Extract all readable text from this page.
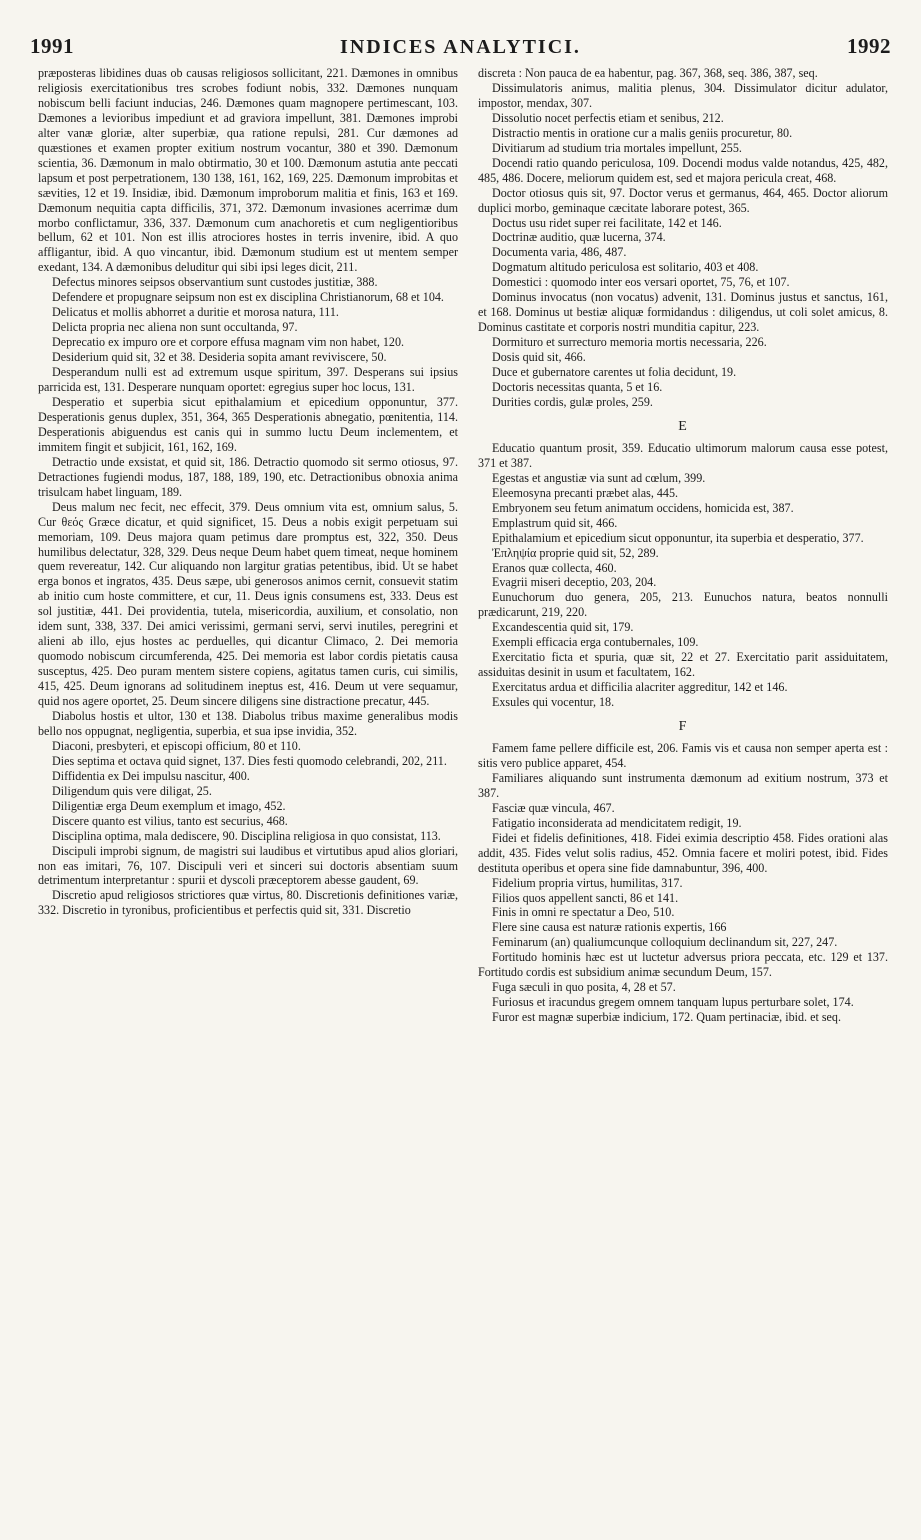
1991	INDICES ANALYTICI.	1992

præposteras libidines duas ob causas religiosos sollicitant, 221. Dæmones in omnibus religiosis exercitationibus tres scrobes fodiunt nobis, 332. Dæmones nunquam nobiscum belli faciunt inducias, 246. Dæmones quam magnopere pertimescant, 103. Dæmones a levioribus impediunt et ad graviora impellunt, 381. Dæmones improbi alter vanæ gloriæ, alter superbiæ, qua ratione repulsi, 281. Cur dæmones ad quæstiones et examen propter exitium nostrum vocantur, 380 et 390. Dæmonum scientia, 36. Dæmonum in malo obtirmatio, 30 et 100. Dæmonum astutia ante peccati lapsum et post perpetrationem, 130 138, 161, 162, 169, 225. Dæmonum improbitas et sævities, 12 et 19. Insidiæ, ibid. Dæmonum improborum malitia et finis, 163 et 169. Dæmonum nequitia capta difficilis, 371, 372. Dæmonum invasiones acerrimæ dum morbo conflictamur, 336, 337. Dæmonum cum anachoretis et cum negligentioribus bellum, 62 et 101. Non est illis atrociores hostes in terris invenire, ibid. A quo affligantur, ibid. A quo vincantur, ibid. Dæmonum studium est ut mentem semper exedant, 134. A dæmonibus deluditur qui sibi ipsi leges dicit, 211.

Defectus minores seipsos observantium sunt custodes justitiæ, 388.

Defendere et propugnare seipsum non est ex disciplina Christianorum, 68 et 104.

Delicatus et mollis abhorret a duritie et morosa natura, 111.

Delicta propria nec aliena non sunt occultanda, 97.

Deprecatio ex impuro ore et corpore effusa magnam vim non habet, 120.

Desiderium quid sit, 32 et 38. Desideria sopita amant reviviscere, 50.

Desperandum nulli est ad extremum usque spiritum, 397. Desperans sui ipsius parricida est, 131. Desperare nunquam oportet: egregius super hoc locus, 131.

Desperatio et superbia sicut epithalamium et epicedium opponuntur, 377. Desperationis genus duplex, 351, 364, 365 Desperationis abnegatio, pœnitentia, 114. Desperationis abiguendus est canis qui in summo luctu Deum inclementem, et immitem fingit et subjicit, 161, 162, 169.

Detractio unde exsistat, et quid sit, 186. Detractio quomodo sit sermo otiosus, 97. Detractiones fugiendi modus, 187, 188, 189, 190, etc. Detractionibus obnoxia anima trisulcam habet linguam, 189.

Deus malum nec fecit, nec effecit, 379. Deus omnium vita est, omnium salus, 5. Cur θεός Græce dicatur, et quid significet, 15. Deus a nobis exigit perpetuam sui memoriam, 109. Deus majora quam petimus dare promptus est, 322, 350. Deus humilibus delectatur, 328, 329. Deus neque Deum habet quem timeat, neque hominem quem revereatur, 142. Cur aliquando non largitur gratias petentibus, ibid. Ut se habet erga bonos et ingratos, 435. Deus sæpe, ubi generosos animos cernit, consuevit statim ab initio cum hoste committere, et cur, 11. Deus ignis consumens est, 333. Deus est sol justitiæ, 441. Dei providentia, tutela, misericordia, auxilium, et consolatio, non idem sunt, 338, 337. Dei amici verissimi, germani servi, servi inutiles, peregrini et alieni ab illo, ejus hostes ac perduelles, qui dicantur Climaco, 2. Dei memoria quomodo nobiscum circumferenda, 425. Dei memoria est labor cordis pietatis causa susceptus, 425. Deo puram mentem sistere copiens, agitatus tamen curis, cui similis, 415, 425. Deum ignorans ad solitudinem ineptus est, 416. Deum ut vere sequamur, quid nos agere oportet, 25. Deum sincere diligens sine distractione precatur, 445.

Diabolus hostis et ultor, 130 et 138. Diabolus tribus maxime generalibus modis bello nos oppugnat, negligentia, superbia, et sua ipse invidia, 352.

Diaconi, presbyteri, et episcopi officium, 80 et 110.

Dies septima et octava quid signet, 137. Dies festi quomodo celebrandi, 202, 211.

Diffidentia ex Dei impulsu nascitur, 400.

Diligendum quis vere diligat, 25.

Diligentiæ erga Deum exemplum et imago, 452.

Discere quanto est vilius, tanto est securius, 468.

Disciplina optima, mala dediscere, 90. Disciplina religiosa in quo consistat, 113.

Discipuli improbi signum, de magistri sui laudibus et virtutibus apud alios gloriari, non eas imitari, 76, 107. Discipuli veri et sinceri sui doctoris absentiam suum detrimentum interpretantur : spurii et dyscoli præceptorem abesse gaudent, 69.

Discretio apud religiosos strictiores quæ virtus, 80. Discretionis definitiones variæ, 332. Discretio in tyronibus, proficientibus et perfectis quid sit, 331. Discretio

discreta : Non pauca de ea habentur, pag. 367, 368, seq. 386, 387, seq.

Dissimulatoris animus, malitia plenus, 304. Dissimulator dicitur adulator, impostor, mendax, 307.

Dissolutio nocet perfectis etiam et senibus, 212.

Distractio mentis in oratione cur a malis geniis procuretur, 80.

Divitiarum ad studium tria mortales impellunt, 255.

Docendi ratio quando periculosa, 109. Docendi modus valde notandus, 425, 482, 485, 486. Docere, meliorum quidem est, sed et majora pericula creat, 468.

Doctor otiosus quis sit, 97. Doctor verus et germanus, 464, 465. Doctor aliorum duplici morbo, geminaque cæcitate laborare potest, 365.

Doctus usu ridet super rei facilitate, 142 et 146.

Doctrinæ auditio, quæ lucerna, 374.

Documenta varia, 486, 487.

Dogmatum altitudo periculosa est solitario, 403 et 408.

Domestici : quomodo inter eos versari oportet, 75, 76, et 107.

Dominus invocatus (non vocatus) advenit, 131. Dominus justus et sanctus, 161, et 168. Dominus ut bestiæ aliquæ formidandus : diligendus, ut coli solet amicus, 8. Dominus castitate et corporis nostri munditia capitur, 223.

Dormituro et surrecturo memoria mortis necessaria, 226.

Dosis quid sit, 466.

Duce et gubernatore carentes ut folia decidunt, 19.

Doctoris necessitas quanta, 5 et 16.

Durities cordis, gulæ proles, 259.

E

Educatio quantum prosit, 359. Educatio ultimorum malorum causa esse potest, 371 et 387.

Egestas et angustiæ via sunt ad cœlum, 399.

Eleemosyna precanti præbet alas, 445.

Embryonem seu fetum animatum occidens, homicida est, 387.

Emplastrum quid sit, 466.

Epithalamium et epicedium sicut opponuntur, ita superbia et desperatio, 377.

Ἐπληψία proprie quid sit, 52, 289.

Eranos quæ collecta, 460.

Evagrii miseri deceptio, 203, 204.

Eunuchorum duo genera, 205, 213. Eunuchos natura, beatos nonnulli prædicarunt, 219, 220.

Excandescentia quid sit, 179.

Exempli efficacia erga contubernales, 109.

Exercitatio ficta et spuria, quæ sit, 22 et 27. Exercitatio parit assiduitatem, assiduitas desinit in usum et facultatem, 162.

Exercitatus ardua et difficilia alacriter aggreditur, 142 et 146.

Exsules qui vocentur, 18.

F

Famem fame pellere difficile est, 206. Famis vis et causa non semper aperta est : sitis vero publice apparet, 454.

Familiares aliquando sunt instrumenta dæmonum ad exitium nostrum, 373 et 387.

Fasciæ quæ vincula, 467.

Fatigatio inconsiderata ad mendicitatem redigit, 19.

Fidei et fidelis definitiones, 418. Fidei eximia descriptio 458. Fides orationi alas addit, 435. Fides velut solis radius, 452. Omnia facere et moliri potest, ibid. Fides destituta operibus et opera sine fide damnabuntur, 396, 400.

Fidelium propria virtus, humilitas, 317.

Filios quos appellent sancti, 86 et 141.

Finis in omni re spectatur a Deo, 510.

Flere sine causa est naturæ rationis expertis, 166

Feminarum (an) qualiumcunque colloquium declinandum sit, 227, 247.

Fortitudo hominis hæc est ut luctetur adversus priora peccata, etc. 129 et 137. Fortitudo cordis est subsidium animæ secundum Deum, 157.

Fuga sæculi in quo posita, 4, 28 et 57.

Furiosus et iracundus gregem omnem tanquam lupus perturbare solet, 174.

Furor est magnæ superbiæ indicium, 172. Quam pertinaciæ, ibid. et seq.
